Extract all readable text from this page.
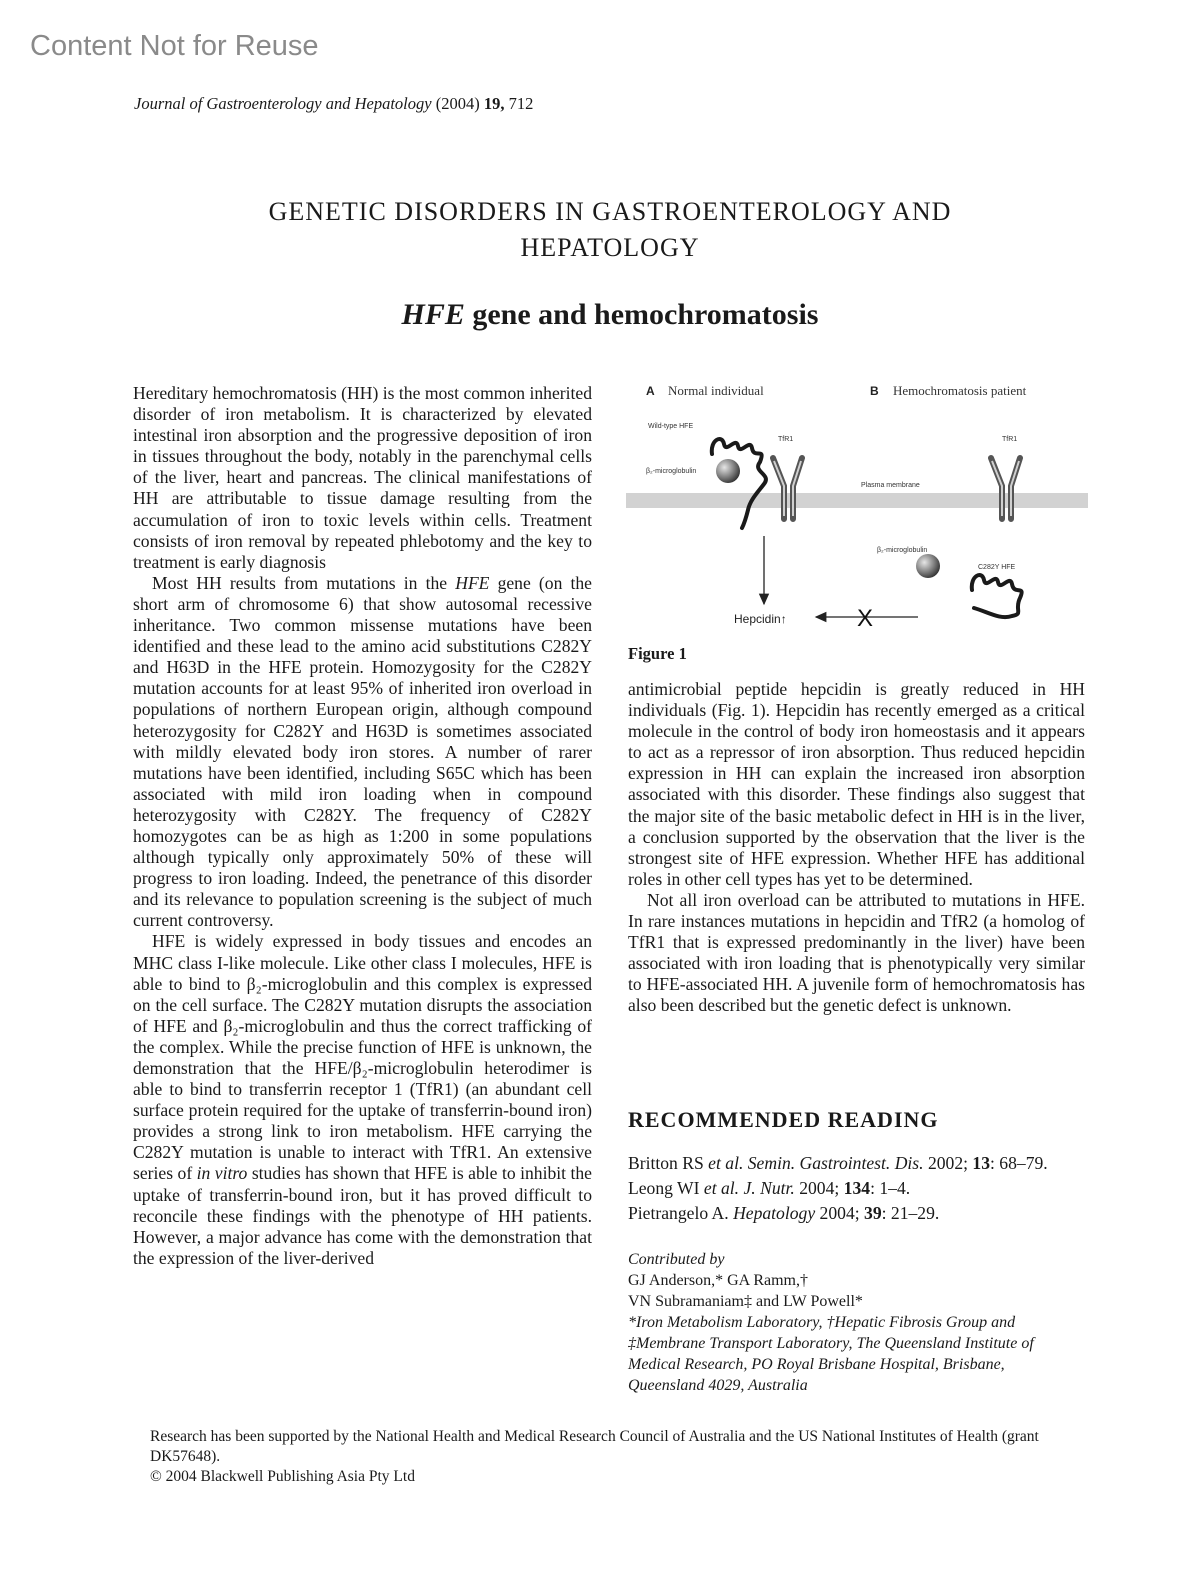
Content Not for Reuse
Journal of Gastroenterology and Hepatology (2004) 19, 712
GENETIC DISORDERS IN GASTROENTEROLOGY AND
HEPATOLOGY
HFE gene and hemochromatosis

Hereditary hemochromatosis (HH) is the most common inherited disorder of iron metabolism. It is characterized by elevated intestinal iron absorption and the progressive deposition of iron in tissues throughout the body, notably in the parenchymal cells of the liver, heart and pancreas. The clinical manifestations of HH are attributable to tissue damage resulting from the accumulation of iron to toxic levels within cells. Treatment consists of iron removal by repeated phlebotomy and the key to treatment is early diagnosis

Most HH results from mutations in the HFE gene (on the short arm of chromosome 6) that show autosomal recessive inheritance. Two common missense mutations have been identified and these lead to the amino acid substitutions C282Y and H63D in the HFE protein. Homozygosity for the C282Y mutation accounts for at least 95% of inherited iron overload in populations of northern European origin, although compound heterozygosity for C282Y and H63D is sometimes associated with mildly elevated body iron stores. A number of rarer mutations have been identified, including S65C which has been associated with mild iron loading when in compound heterozygosity with C282Y. The frequency of C282Y homozygotes can be as high as 1:200 in some populations although typically only approximately 50% of these will progress to iron loading. Indeed, the penetrance of this disorder and its relevance to population screening is the subject of much current controversy.

HFE is widely expressed in body tissues and encodes an MHC class I-like molecule. Like other class I molecules, HFE is able to bind to β₂-microglobulin and this complex is expressed on the cell surface. The C282Y mutation disrupts the association of HFE and β₂-microglobulin and thus the correct trafficking of the complex. While the precise function of HFE is unknown, the demonstration that the HFE/β₂-microglobulin heterodimer is able to bind to transferrin receptor 1 (TfR1) (an abundant cell surface protein required for the uptake of transferrin-bound iron) provides a strong link to iron metabolism. HFE carrying the C282Y mutation is unable to interact with TfR1. An extensive series of in vitro studies has shown that HFE is able to inhibit the uptake of transferrin-bound iron, but it has proved difficult to reconcile these findings with the phenotype of HH patients. However, a major advance has come with the demonstration that the expression of the liver-derived

A Normal individual	B Hemochromatosis patient
Wild-type HFE
TfR1
β₂-microglobulin
Plasma membrane
TfR1
β₂-microglobulin
C282Y HFE
Hepcidin↑	X
Figure 1

antimicrobial peptide hepcidin is greatly reduced in HH individuals (Fig. 1). Hepcidin has recently emerged as a critical molecule in the control of body iron homeostasis and it appears to act as a repressor of iron absorption. Thus reduced hepcidin expression in HH can explain the increased iron absorption associated with this disorder. These findings also suggest that the major site of the basic metabolic defect in HH is in the liver, a conclusion supported by the observation that the liver is the strongest site of HFE expression. Whether HFE has additional roles in other cell types has yet to be determined.

Not all iron overload can be attributed to mutations in HFE. In rare instances mutations in hepcidin and TfR2 (a homolog of TfR1 that is expressed predominantly in the liver) have been associated with iron loading that is phenotypically very similar to HFE-associated HH. A juvenile form of hemochromatosis has also been described but the genetic defect is unknown.

RECOMMENDED READING

Britton RS et al. Semin. Gastrointest. Dis. 2002; 13: 68–79.

Leong WI et al. J. Nutr. 2004; 134: 1–4.

Pietrangelo A. Hepatology 2004; 39: 21–29.

Contributed by
GJ Anderson,* GA Ramm,†
VN Subramaniam‡ and LW Powell*
*Iron Metabolism Laboratory, †Hepatic Fibrosis Group and
‡Membrane Transport Laboratory, The Queensland Institute of
Medical Research, PO Royal Brisbane Hospital, Brisbane,
Queensland 4029, Australia
Research has been supported by the National Health and Medical Research Council of Australia and the US National Institutes of Health (grant DK57648).
© 2004 Blackwell Publishing Asia Pty Ltd
